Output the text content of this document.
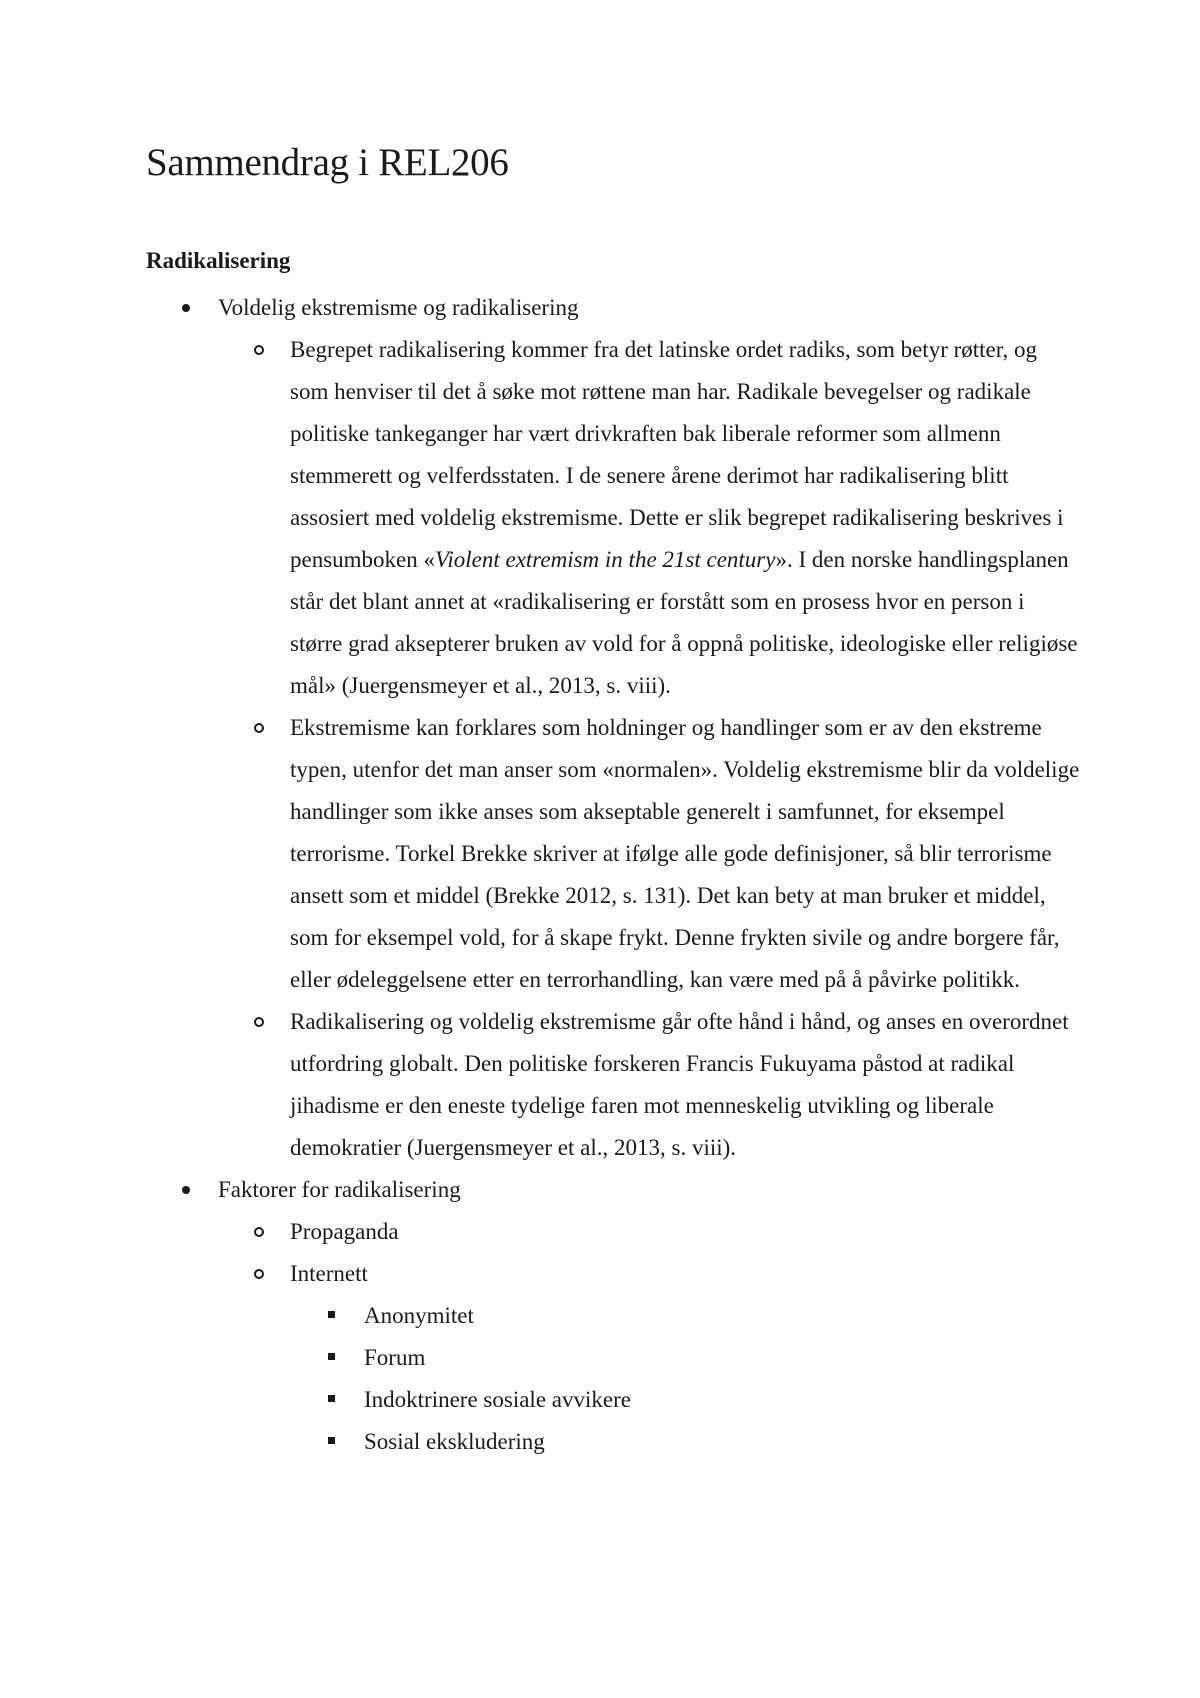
Sammendrag i REL206
Radikalisering
Voldelig ekstremisme og radikalisering
Begrepet radikalisering kommer fra det latinske ordet radiks, som betyr røtter, og som henviser til det å søke mot røttene man har. Radikale bevegelser og radikale politiske tankeganger har vært drivkraften bak liberale reformer som allmenn stemmerett og velferdsstaten. I de senere årene derimot har radikalisering blitt assosiert med voldelig ekstremisme. Dette er slik begrepet radikalisering beskrives i pensumboken «Violent extremism in the 21st century». I den norske handlingsplanen står det blant annet at «radikalisering er forstått som en prosess hvor en person i større grad aksepterer bruken av vold for å oppnå politiske, ideologiske eller religiøse mål» (Juergensmeyer et al., 2013, s. viii).
Ekstremisme kan forklares som holdninger og handlinger som er av den ekstreme typen, utenfor det man anser som «normalen». Voldelig ekstremisme blir da voldelige handlinger som ikke anses som akseptable generelt i samfunnet, for eksempel terrorisme. Torkel Brekke skriver at ifølge alle gode definisjoner, så blir terrorisme ansett som et middel (Brekke 2012, s. 131). Det kan bety at man bruker et middel, som for eksempel vold, for å skape frykt. Denne frykten sivile og andre borgere får, eller ødeleggelsene etter en terrorhandling, kan være med på å påvirke politikk.
Radikalisering og voldelig ekstremisme går ofte hånd i hånd, og anses en overordnet utfordring globalt. Den politiske forskeren Francis Fukuyama påstod at radikal jihadisme er den eneste tydelige faren mot menneskelig utvikling og liberale demokratier (Juergensmeyer et al., 2013, s. viii).
Faktorer for radikalisering
Propaganda
Internett
Anonymitet
Forum
Indoktrinere sosiale avvikere
Sosial ekskludering
